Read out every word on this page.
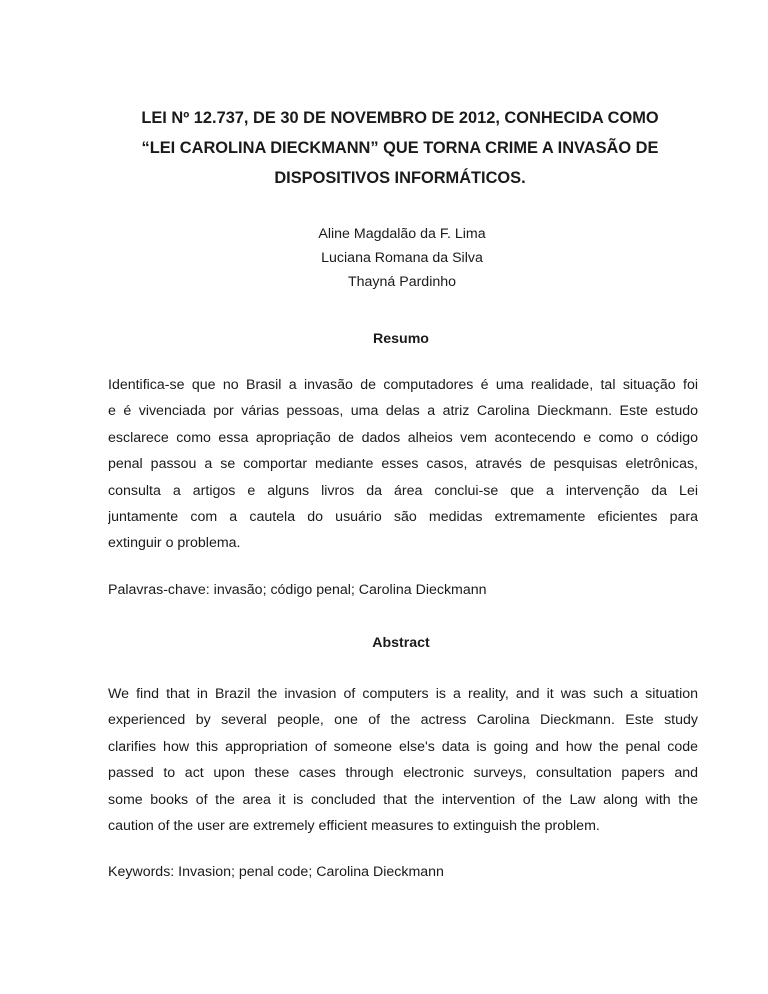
LEI Nº 12.737, DE 30 DE NOVEMBRO DE 2012, CONHECIDA COMO
“LEI CAROLINA DIECKMANN” QUE TORNA CRIME A INVASÃO DE
DISPOSITIVOS INFORMÁTICOS.
Aline Magdalão da F. Lima
Luciana Romana da Silva
Thayná Pardinho
Resumo
Identifica-se que no Brasil a invasão de computadores é uma realidade, tal situação foi
e é vivenciada por várias pessoas, uma delas a atriz Carolina Dieckmann. Este estudo
esclarece como essa apropriação de dados alheios vem acontecendo e como o código
penal passou a se comportar mediante esses casos, através de pesquisas eletrônicas,
consulta a artigos e alguns livros da área conclui-se que a intervenção da Lei
juntamente com a cautela do usuário são medidas extremamente eficientes para
extinguir o problema.
Palavras-chave: invasão; código penal; Carolina Dieckmann
Abstract
We find that in Brazil the invasion of computers is a reality, and it was such a situation
experienced by several people, one of the actress Carolina Dieckmann. Este study
clarifies how this appropriation of someone else's data is going and how the penal code
passed to act upon these cases through electronic surveys, consultation papers and
some books of the area it is concluded that the intervention of the Law along with the
caution of the user are extremely efficient measures to extinguish the problem.
Keywords: Invasion; penal code; Carolina Dieckmann
